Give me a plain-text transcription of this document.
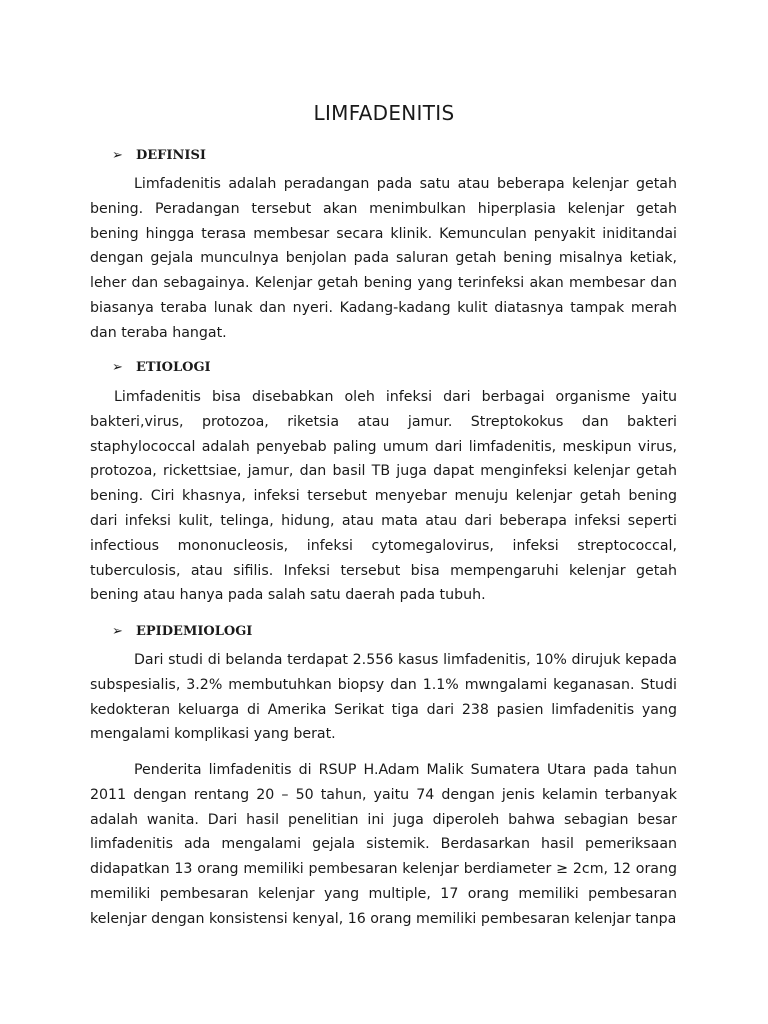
LIMFADENITIS
➢	DEFINISI

Limfadenitis adalah peradangan pada satu atau beberapa kelenjar getah bening. Peradangan tersebut akan menimbulkan hiperplasia kelenjar getah bening hingga terasa membesar secara klinik. Kemunculan penyakit iniditandai dengan gejala munculnya benjolan pada saluran getah bening misalnya ketiak, leher dan sebagainya. Kelenjar getah bening yang terinfeksi akan membesar dan biasanya teraba lunak dan nyeri. Kadang-kadang kulit diatasnya tampak merah dan teraba hangat.

➢	ETIOLOGI

Limfadenitis bisa disebabkan oleh infeksi dari berbagai organisme yaitu bakteri,virus, protozoa, riketsia atau jamur. Streptokokus dan bakteri staphylococcal adalah penyebab paling umum dari limfadenitis, meskipun virus, protozoa, rickettsiae, jamur, dan basil TB juga dapat menginfeksi kelenjar getah bening. Ciri khasnya, infeksi tersebut menyebar menuju kelenjar getah bening dari infeksi kulit, telinga, hidung, atau mata atau dari beberapa infeksi seperti infectious mononucleosis, infeksi cytomegalovirus, infeksi streptococcal, tuberculosis, atau sifilis. Infeksi tersebut bisa mempengaruhi kelenjar getah bening atau hanya pada salah satu daerah pada tubuh.

➢	EPIDEMIOLOGI

Dari studi di belanda terdapat 2.556 kasus limfadenitis, 10% dirujuk kepada subspesialis, 3.2% membutuhkan biopsy dan 1.1% mwngalami keganasan. Studi kedokteran keluarga di Amerika Serikat tiga dari 238 pasien limfadenitis yang mengalami komplikasi yang berat.

Penderita limfadenitis di RSUP H.Adam Malik Sumatera Utara pada tahun 2011 dengan rentang 20 – 50 tahun, yaitu 74 dengan jenis kelamin terbanyak adalah wanita. Dari hasil penelitian ini juga diperoleh bahwa sebagian besar limfadenitis ada mengalami gejala sistemik. Berdasarkan hasil pemeriksaan didapatkan 13 orang memiliki pembesaran kelenjar berdiameter ≥ 2cm, 12 orang memiliki pembesaran kelenjar yang multiple, 17 orang memiliki pembesaran kelenjar dengan konsistensi kenyal, 16 orang memiliki pembesaran kelenjar tanpa
